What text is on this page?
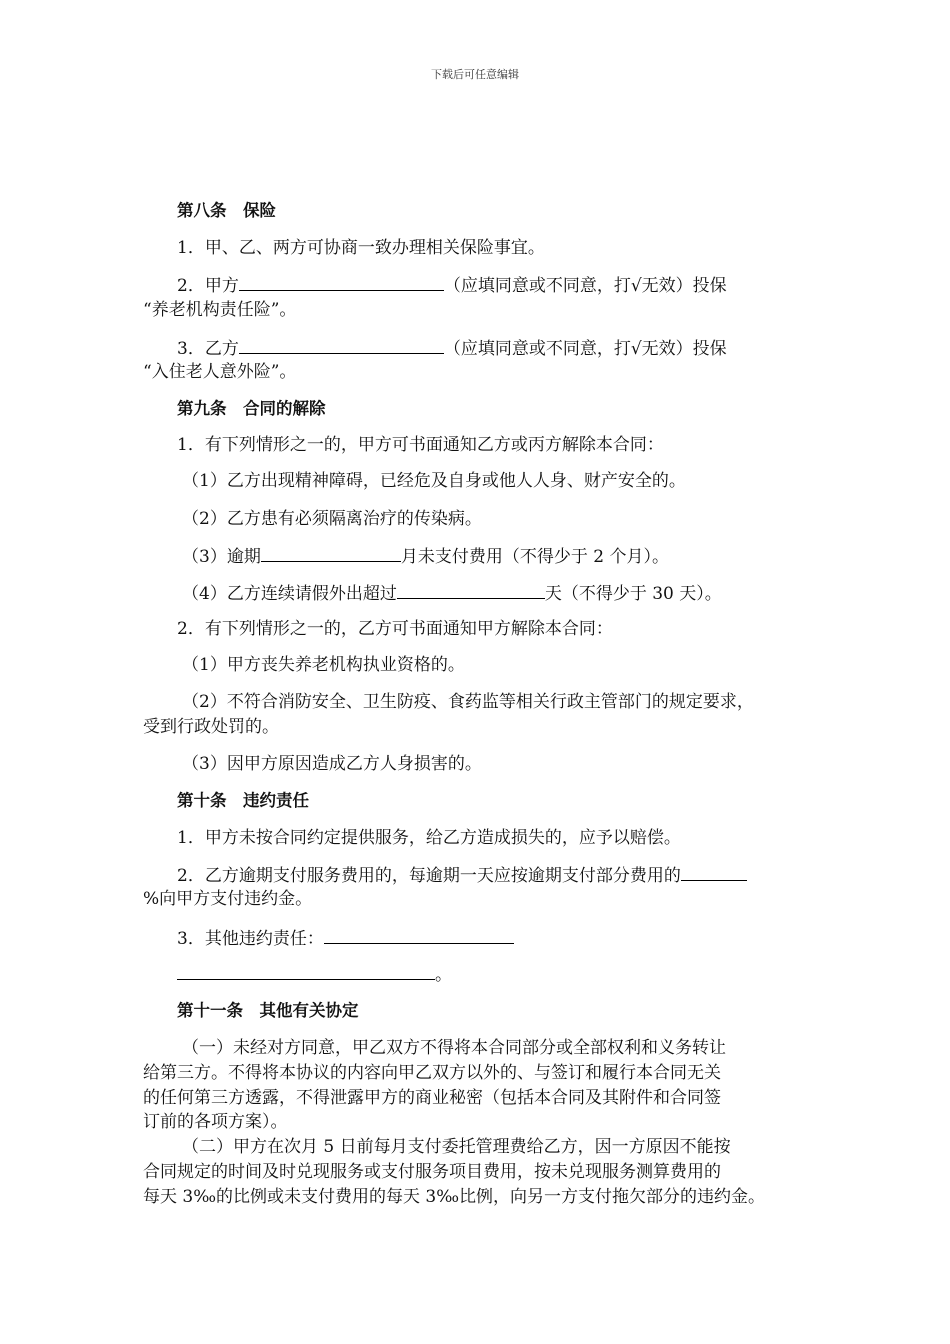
下载后可任意编辑
第八条　保险
1．甲、乙、两方可协商一致办理相关保险事宜。
2．甲方	（应填同意或不同意，打√无效）投保
“养老机构责任险”。
3．乙方	（应填同意或不同意，打√无效）投保
“入住老人意外险”。
第九条　合同的解除
1．有下列情形之一的，甲方可书面通知乙方或丙方解除本合同：
（1）乙方出现精神障碍，已经危及自身或他人人身、财产安全的。
（2）乙方患有必须隔离治疗的传染病。
（3）逾期	月未支付费用（不得少于 2 个月）。
（4）乙方连续请假外出超过	天（不得少于 30 天）。
2．有下列情形之一的，乙方可书面通知甲方解除本合同：
（1）甲方丧失养老机构执业资格的。
（2）不符合消防安全、卫生防疫、食药监等相关行政主管部门的规定要求，
受到行政处罚的。
（3）因甲方原因造成乙方人身损害的。
第十条　违约责任
1．甲方未按合同约定提供服务，给乙方造成损失的，应予以赔偿。
2．乙方逾期支付服务费用的，每逾期一天应按逾期支付部分费用的
%向甲方支付违约金。
3．其他违约责任：
。
第十一条　其他有关协定
（一）未经对方同意，甲乙双方不得将本合同部分或全部权利和义务转让
给第三方。不得将本协议的内容向甲乙双方以外的、与签订和履行本合同无关
的任何第三方透露，不得泄露甲方的商业秘密（包括本合同及其附件和合同签
订前的各项方案）。
（二）甲方在次月 5 日前每月支付委托管理费给乙方，因一方原因不能按
合同规定的时间及时兑现服务或支付服务项目费用，按未兑现服务测算费用的
每天 3‰的比例或未支付费用的每天 3‰比例，向另一方支付拖欠部分的违约金。
